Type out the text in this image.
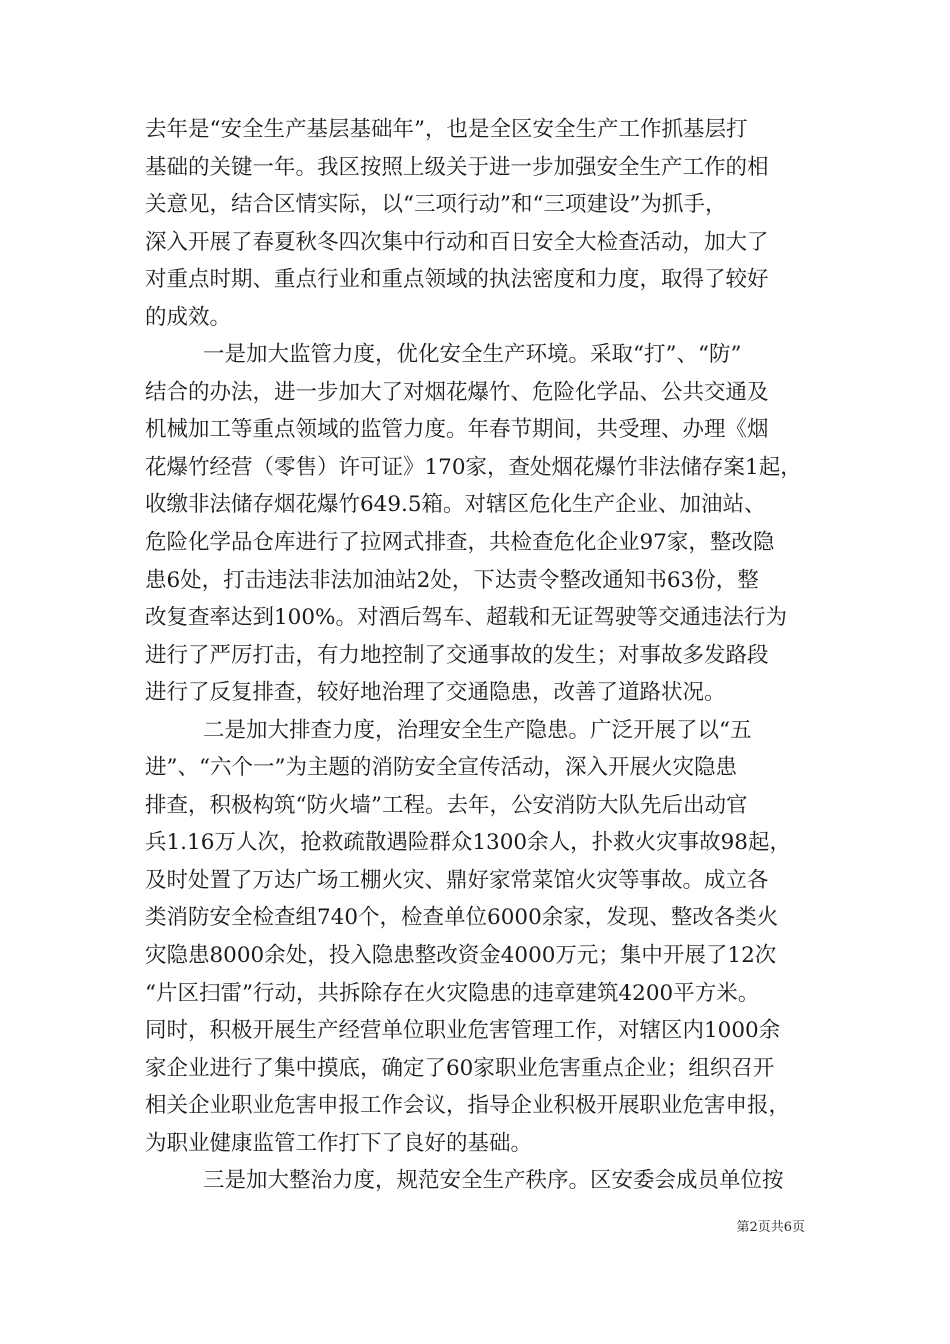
去年是“安全生产基层基础年”，也是全区安全生产工作抓基层打
基础的关键一年。我区按照上级关于进一步加强安全生产工作的相
关意见，结合区情实际，以“三项行动”和“三项建设”为抓手，
深入开展了春夏秋冬四次集中行动和百日安全大检查活动，加大了
对重点时期、重点行业和重点领域的执法密度和力度，取得了较好
的成效。
一是加大监管力度，优化安全生产环境。采取“打”、“防”
结合的办法，进一步加大了对烟花爆竹、危险化学品、公共交通及
机械加工等重点领域的监管力度。年春节期间，共受理、办理《烟
花爆竹经营（零售）许可证》170家，查处烟花爆竹非法储存案1起，
收缴非法储存烟花爆竹649.5箱。对辖区危化生产企业、加油站、
危险化学品仓库进行了拉网式排查，共检查危化企业97家，整改隐
患6处，打击违法非法加油站2处，下达责令整改通知书63份，整
改复查率达到100%。对酒后驾车、超载和无证驾驶等交通违法行为
进行了严厉打击，有力地控制了交通事故的发生；对事故多发路段
进行了反复排查，较好地治理了交通隐患，改善了道路状况。
二是加大排查力度，治理安全生产隐患。广泛开展了以“五
进”、“六个一”为主题的消防安全宣传活动，深入开展火灾隐患
排查，积极构筑“防火墙”工程。去年，公安消防大队先后出动官
兵1.16万人次，抢救疏散遇险群众1300余人，扑救火灾事故98起，
及时处置了万达广场工棚火灾、鼎好家常菜馆火灾等事故。成立各
类消防安全检查组740个，检查单位6000余家，发现、整改各类火
灾隐患8000余处，投入隐患整改资金4000万元；集中开展了12次
“片区扫雷”行动，共拆除存在火灾隐患的违章建筑4200平方米。
同时，积极开展生产经营单位职业危害管理工作，对辖区内1000余
家企业进行了集中摸底，确定了60家职业危害重点企业；组织召开
相关企业职业危害申报工作会议，指导企业积极开展职业危害申报，
为职业健康监管工作打下了良好的基础。
三是加大整治力度，规范安全生产秩序。区安委会成员单位按
第2页共6页
